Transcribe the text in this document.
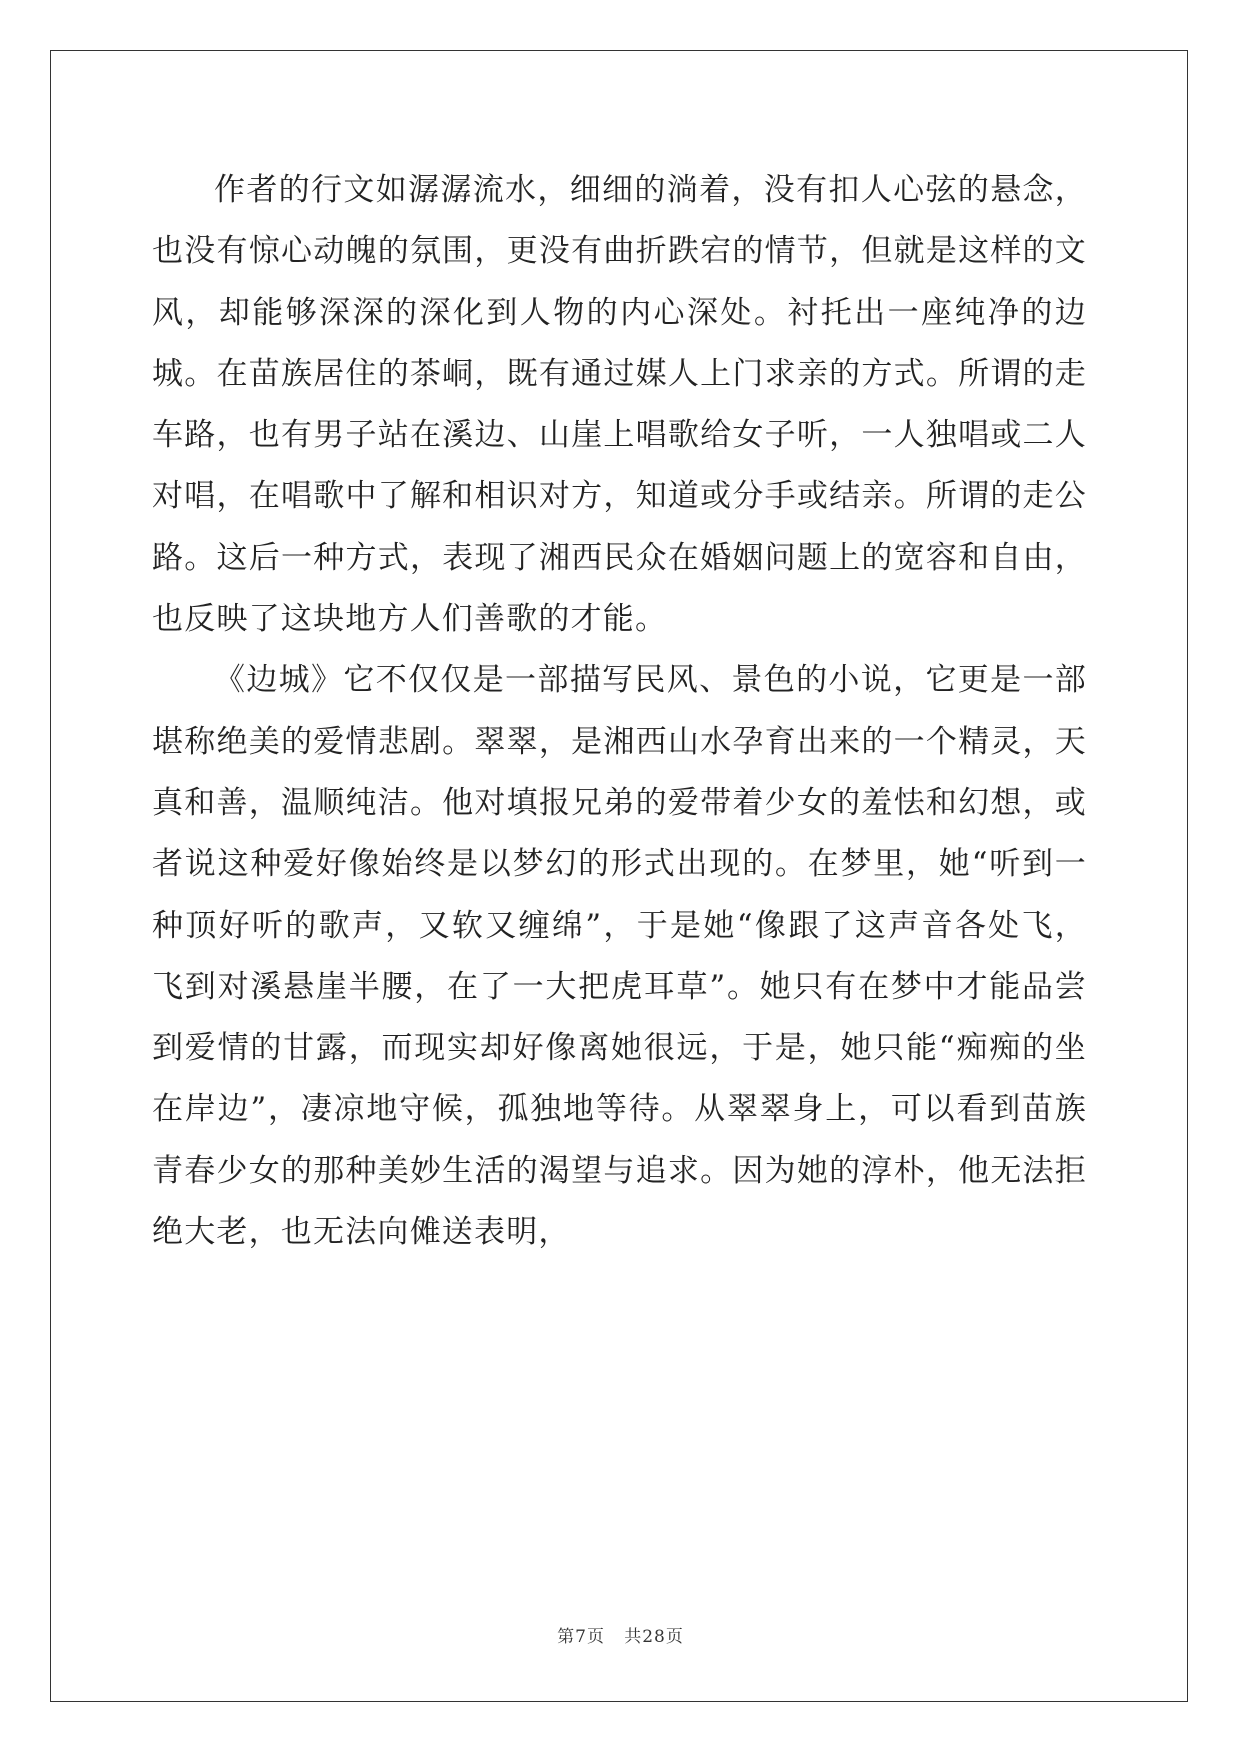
作者的行文如潺潺流水，细细的淌着，没有扣人心弦的悬念，也没有惊心动魄的氛围，更没有曲折跌宕的情节，但就是这样的文风，却能够深深的深化到人物的内心深处。衬托出一座纯净的边城。在苗族居住的茶峒，既有通过媒人上门求亲的方式。所谓的走车路，也有男子站在溪边、山崖上唱歌给女子听，一人独唱或二人对唱，在唱歌中了解和相识对方，知道或分手或结亲。所谓的走公路。这后一种方式，表现了湘西民众在婚姻问题上的宽容和自由，也反映了这块地方人们善歌的才能。

《边城》它不仅仅是一部描写民风、景色的小说，它更是一部堪称绝美的爱情悲剧。翠翠，是湘西山水孕育出来的一个精灵，天真和善，温顺纯洁。他对填报兄弟的爱带着少女的羞怯和幻想，或者说这种爱好像始终是以梦幻的形式出现的。在梦里，她“听到一种顶好听的歌声，又软又缠绵”，于是她“像跟了这声音各处飞，飞到对溪悬崖半腰，在了一大把虎耳草”。她只有在梦中才能品尝到爱情的甘露，而现实却好像离她很远，于是，她只能“痴痴的坐在岸边”，凄凉地守候，孤独地等待。从翠翠身上，可以看到苗族青春少女的那种美妙生活的渴望与追求。因为她的淳朴，他无法拒绝大老，也无法向傩送表明，

第7页 共28页
